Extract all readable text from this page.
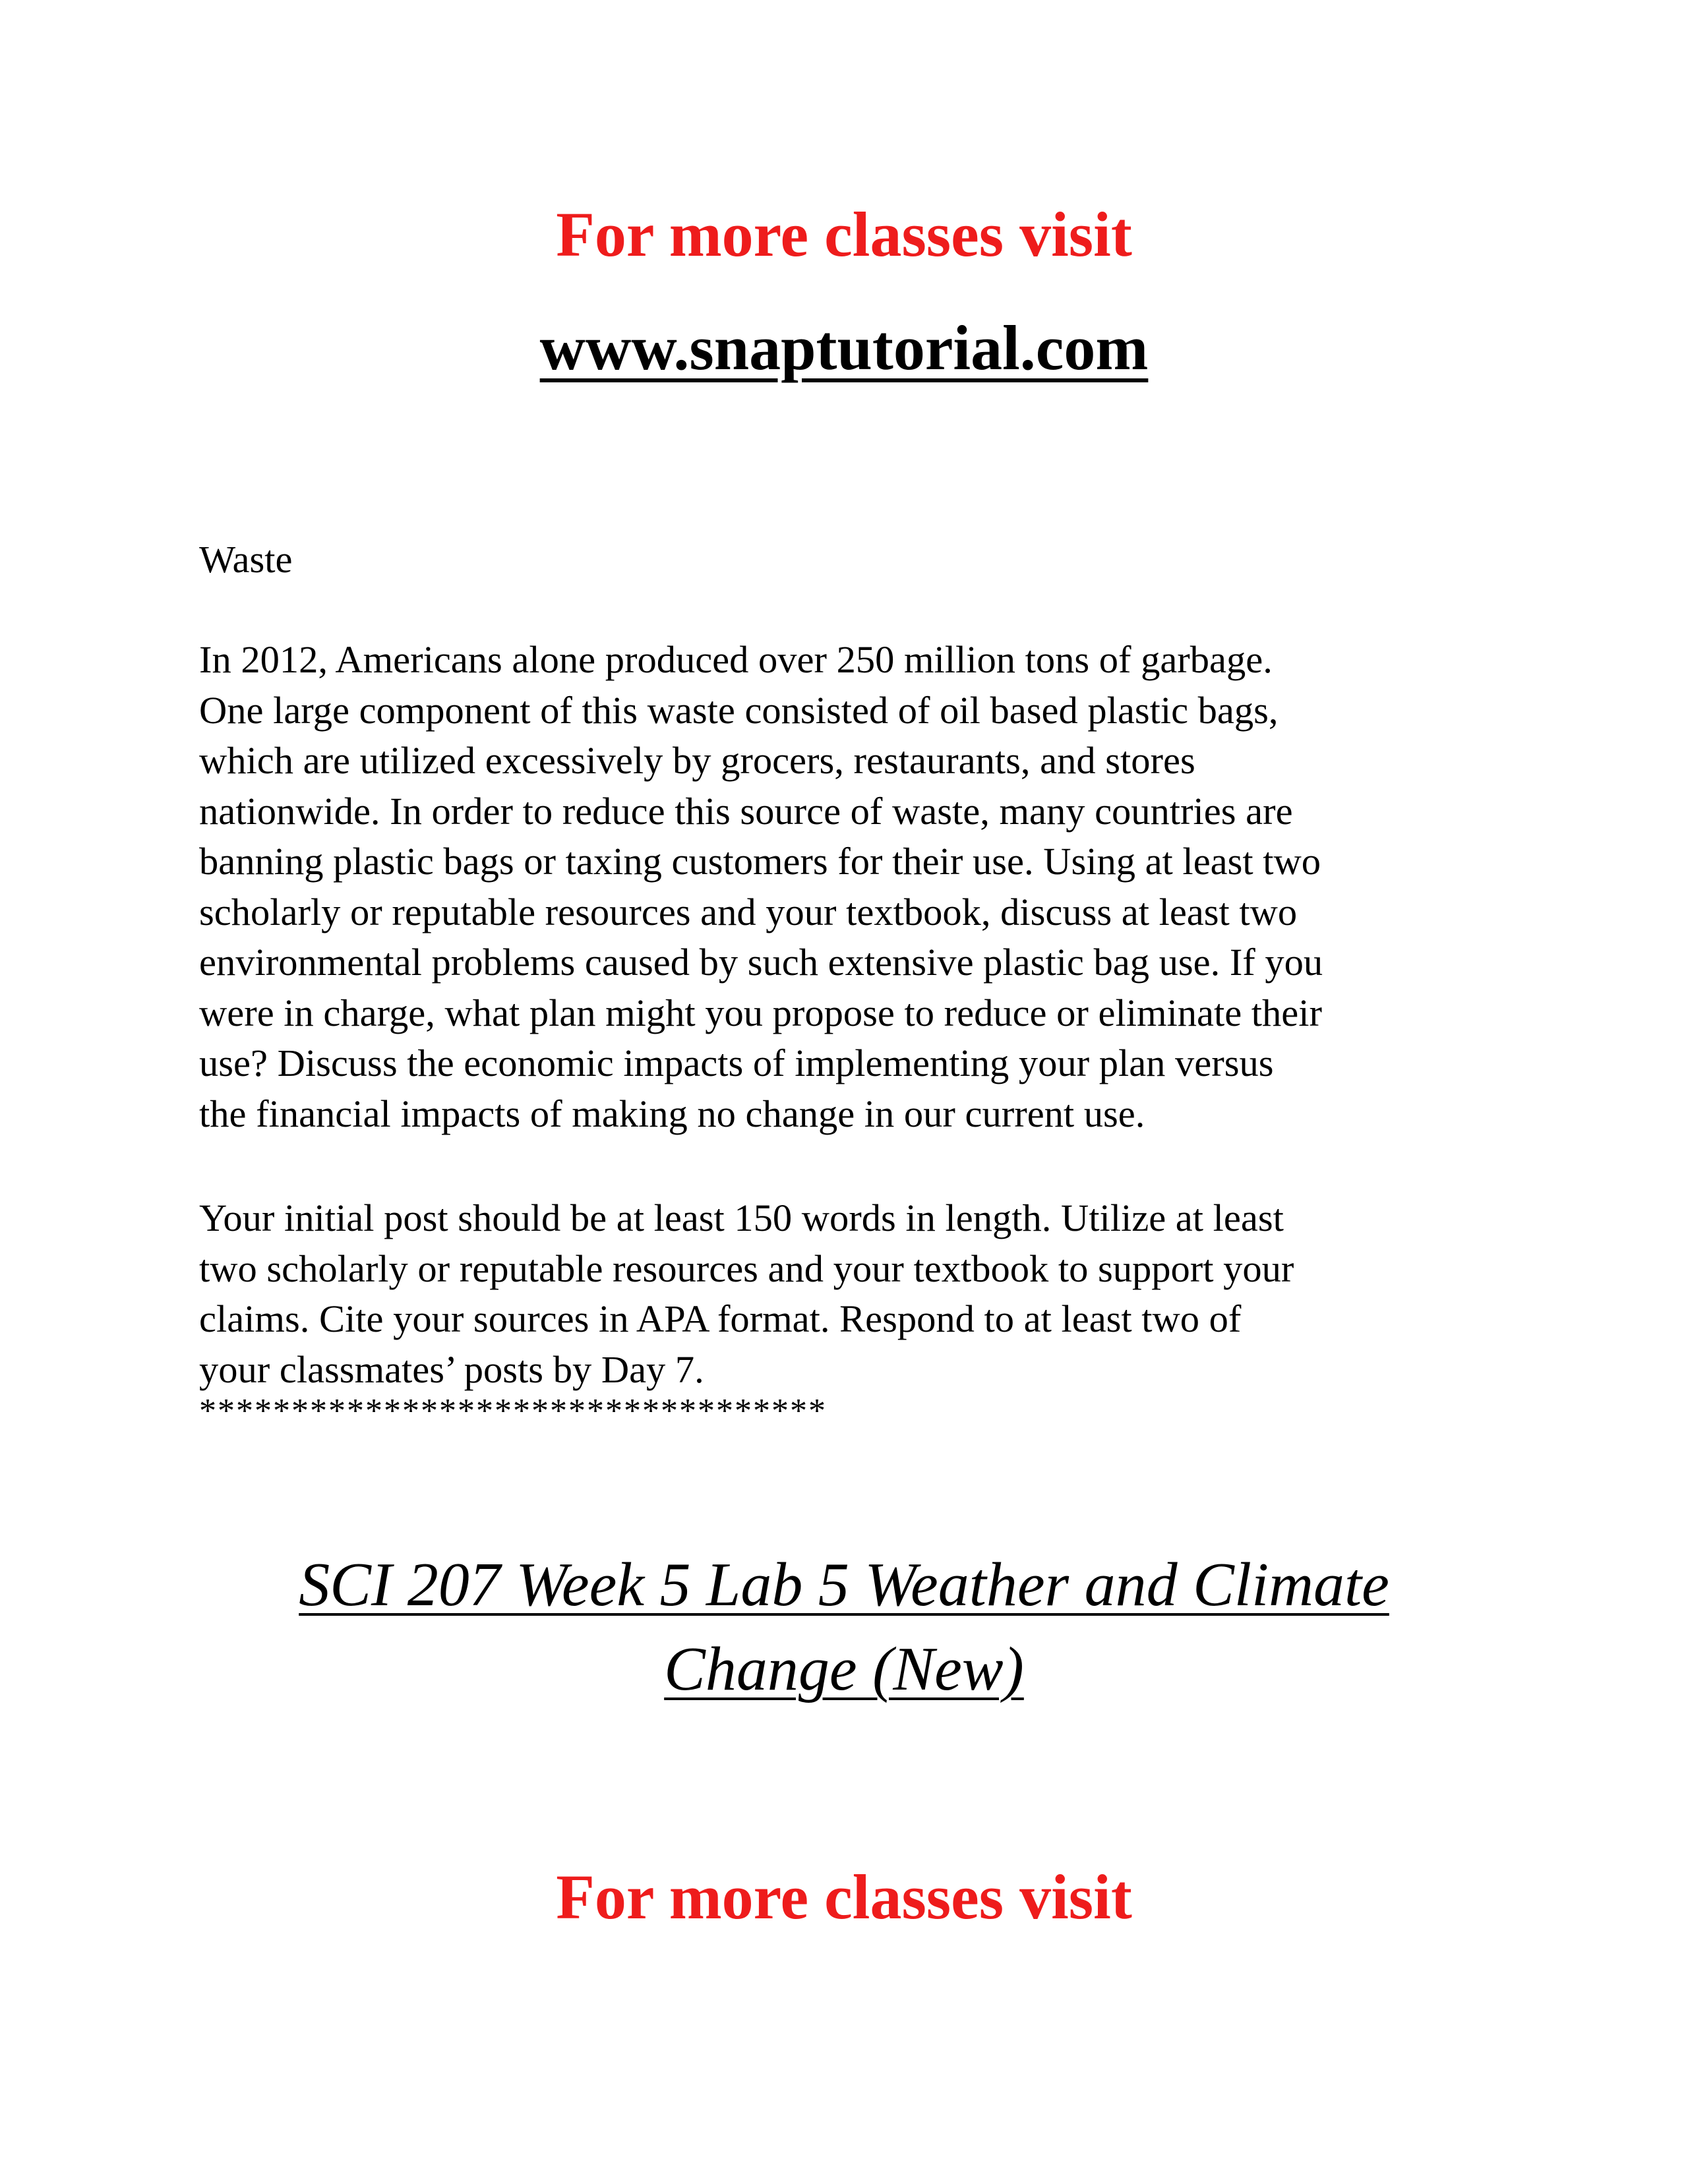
For more classes visit
www.snaptutorial.com
Waste
In 2012, Americans alone produced over 250 million tons of garbage.
One large component of this waste consisted of oil based plastic bags,
which are utilized excessively by grocers, restaurants, and stores
nationwide. In order to reduce this source of waste, many countries are
banning plastic bags or taxing customers for their use. Using at least two
scholarly or reputable resources and your textbook, discuss at least two
environmental problems caused by such extensive plastic bag use. If you
were in charge, what plan might you propose to reduce or eliminate their
use? Discuss the economic impacts of implementing your plan versus
the financial impacts of making no change in our current use.
Your initial post should be at least 150 words in length. Utilize at least
two scholarly or reputable resources and your textbook to support your
claims. Cite your sources in APA format. Respond to at least two of
your classmates’ posts by Day 7.
**********************************
SCI 207 Week 5 Lab 5 Weather and Climate
Change (New)
For more classes visit
